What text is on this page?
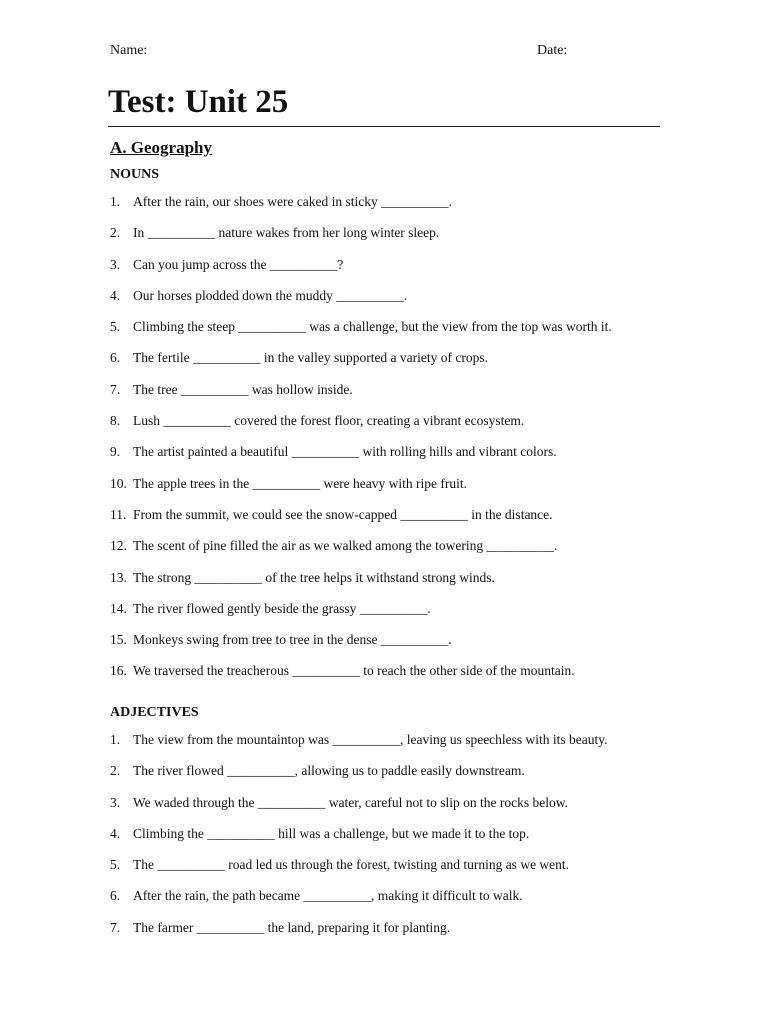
Name:	Date:
Test: Unit 25
A. Geography
NOUNS
1. After the rain, our shoes were caked in sticky __________.
2. In __________ nature wakes from her long winter sleep.
3. Can you jump across the __________?
4. Our horses plodded down the muddy __________.
5. Climbing the steep __________ was a challenge, but the view from the top was worth it.
6. The fertile __________ in the valley supported a variety of crops.
7. The tree __________ was hollow inside.
8. Lush __________ covered the forest floor, creating a vibrant ecosystem.
9. The artist painted a beautiful __________ with rolling hills and vibrant colors.
10. The apple trees in the __________ were heavy with ripe fruit.
11. From the summit, we could see the snow-capped __________ in the distance.
12. The scent of pine filled the air as we walked among the towering __________.
13. The strong __________ of the tree helps it withstand strong winds.
14. The river flowed gently beside the grassy __________.
15. Monkeys swing from tree to tree in the dense __________.
16. We traversed the treacherous __________ to reach the other side of the mountain.
ADJECTIVES
1. The view from the mountaintop was __________, leaving us speechless with its beauty.
2. The river flowed __________, allowing us to paddle easily downstream.
3. We waded through the __________ water, careful not to slip on the rocks below.
4. Climbing the __________ hill was a challenge, but we made it to the top.
5. The __________ road led us through the forest, twisting and turning as we went.
6. After the rain, the path became __________, making it difficult to walk.
7. The farmer __________ the land, preparing it for planting.
